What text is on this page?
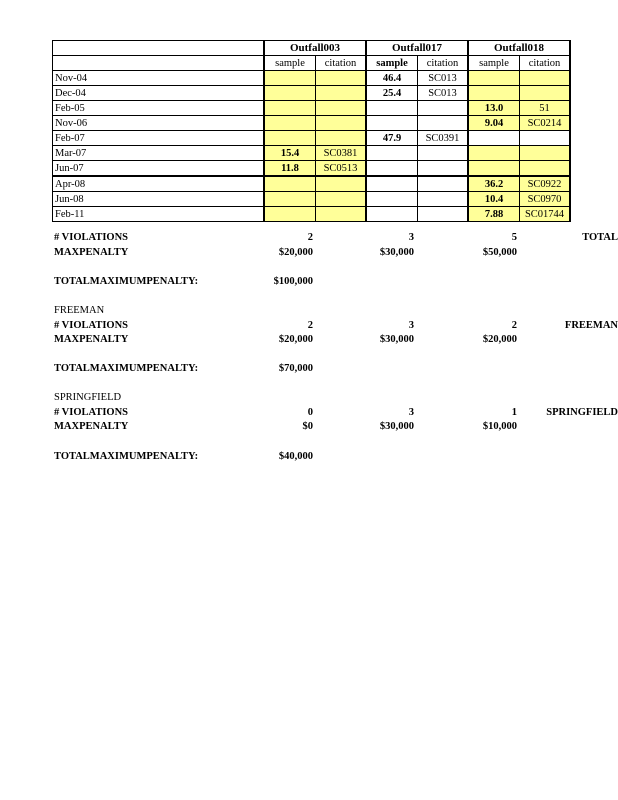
	Outfall003		Outfall017		Outfall018	
	sample	citation	sample	citation	sample	citation
Nov-04			46.4	SC013		
Dec-04			25.4	SC013		
Feb-05					13.0	51
Nov-06					9.04	SC0214
Feb-07			47.9	SC0391		
Mar-07	15.4	SC0381				
Jun-07	11.8	SC0513				
Apr-08					36.2	SC0922
Jun-08					10.4	SC0970
Feb-11					7.88	SC01744
# VIOLATIONS	2	3	5	TOTAL
MAXPENALTY	$20,000	$30,000	$50,000
TOTALMAXIMUMPENALTY:	$100,000
FREEMAN
# VIOLATIONS	2	3	2	FREEMAN
MAXPENALTY	$20,000	$30,000	$20,000
TOTALMAXIMUMPENALTY:	$70,000
SPRINGFIELD
# VIOLATIONS	0	3	1	SPRINGFIELD
MAXPENALTY	$0	$30,000	$10,000
TOTALMAXIMUMPENALTY:	$40,000
